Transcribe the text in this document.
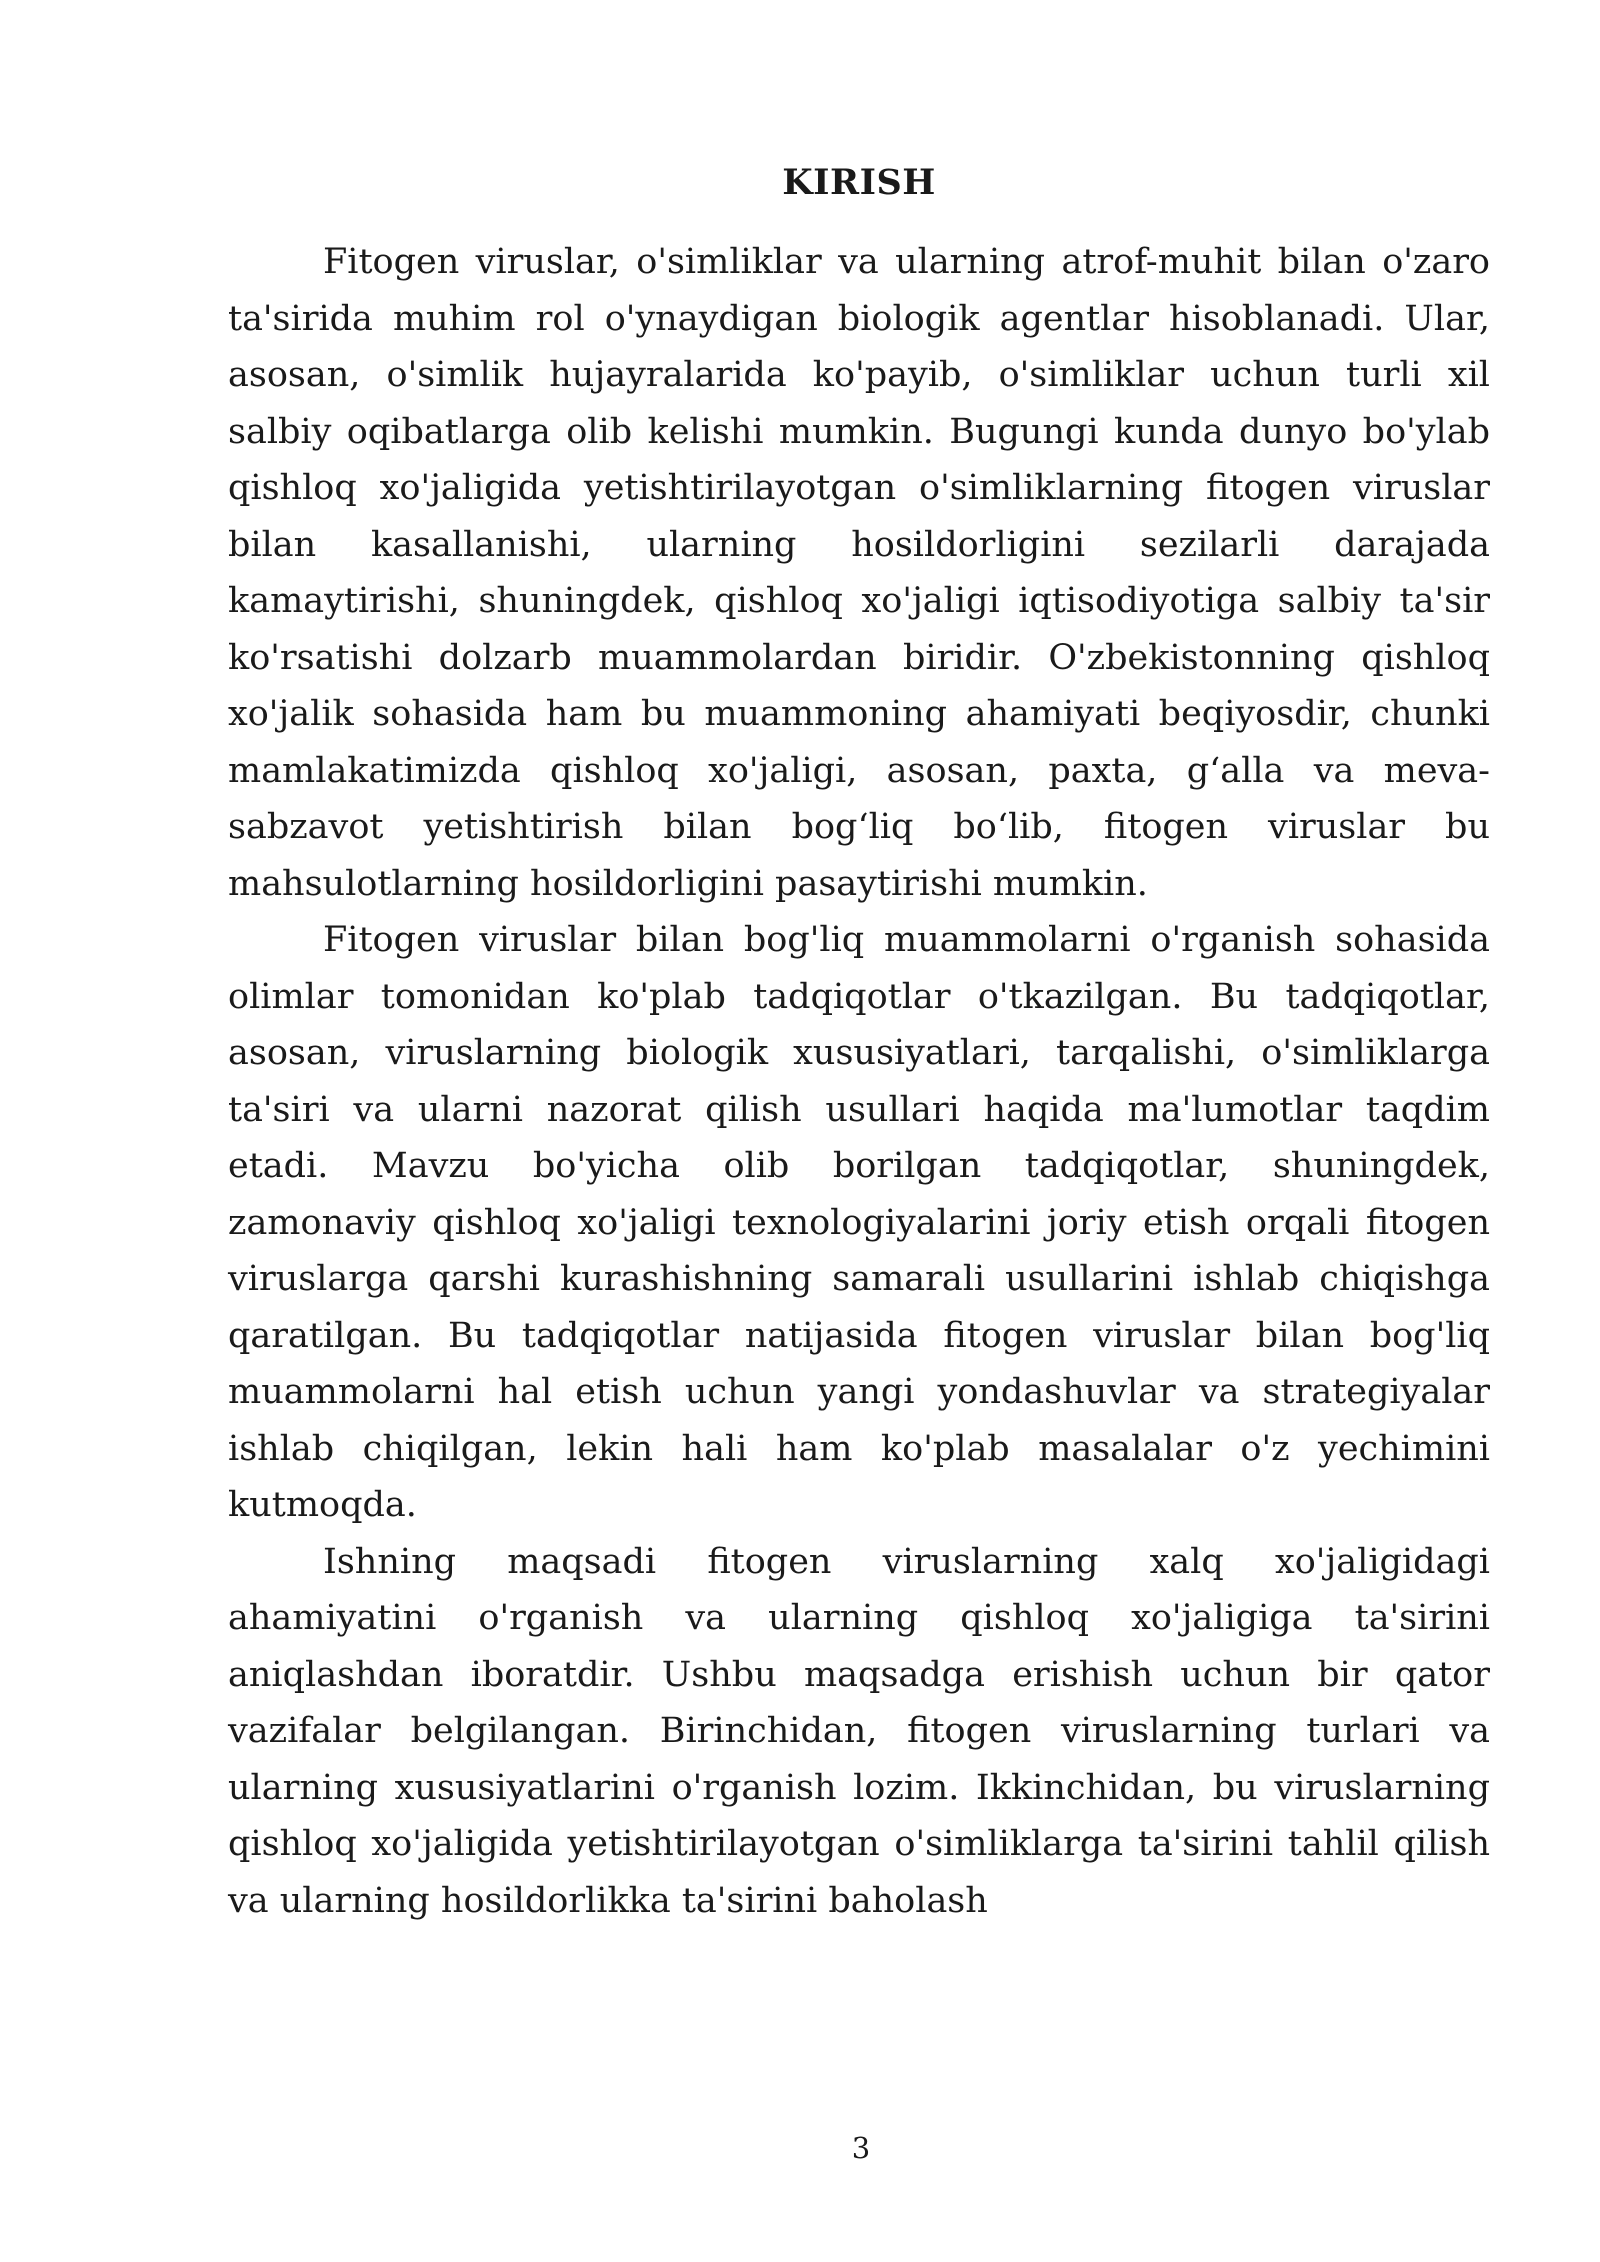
KIRISH

Fitogen viruslar, o'simliklar va ularning atrof-muhit bilan o'zaro ta'sirida muhim rol o'ynaydigan biologik agentlar hisoblanadi. Ular, asosan, o'simlik hujayralarida ko'payib, o'simliklar uchun turli xil salbiy oqibatlarga olib kelishi mumkin. Bugungi kunda dunyo bo'ylab qishloq xo'jaligida yetishtirilayotgan o'simliklarning fitogen viruslar bilan kasallanishi, ularning hosildorligini sezilarli darajada kamaytirishi, shuningdek, qishloq xo'jaligi iqtisodiyotiga salbiy ta'sir ko'rsatishi dolzarb muammolardan biridir. O'zbekistonning qishloq xo'jalik sohasida ham bu muammoning ahamiyati beqiyosdir, chunki mamlakatimizda qishloq xo'jaligi, asosan, paxta, g‘alla va meva-sabzavot yetishtirish bilan bog‘liq bo‘lib, fitogen viruslar bu mahsulotlarning hosildorligini pasaytirishi mumkin.

Fitogen viruslar bilan bog'liq muammolarni o'rganish sohasida olimlar tomonidan ko'plab tadqiqotlar o'tkazilgan. Bu tadqiqotlar, asosan, viruslarning biologik xususiyatlari, tarqalishi, o'simliklarga ta'siri va ularni nazorat qilish usullari haqida ma'lumotlar taqdim etadi. Mavzu bo'yicha olib borilgan tadqiqotlar, shuningdek, zamonaviy qishloq xo'jaligi texnologiyalarini joriy etish orqali fitogen viruslarga qarshi kurashishning samarali usullarini ishlab chiqishga qaratilgan. Bu tadqiqotlar natijasida fitogen viruslar bilan bog'liq muammolarni hal etish uchun yangi yondashuvlar va strategiyalar ishlab chiqilgan, lekin hali ham ko'plab masalalar o'z yechimini kutmoqda.

Ishning maqsadi fitogen viruslarning xalq xo'jaligidagi ahamiyatini o'rganish va ularning qishloq xo'jaligiga ta'sirini aniqlashdan iboratdir. Ushbu maqsadga erishish uchun bir qator vazifalar belgilangan. Birinchidan, fitogen viruslarning turlari va ularning xususiyatlarini o'rganish lozim. Ikkinchidan, bu viruslarning qishloq xo'jaligida yetishtirilayotgan o'simliklarga ta'sirini tahlil qilish va ularning hosildorlikka ta'sirini baholash

3
